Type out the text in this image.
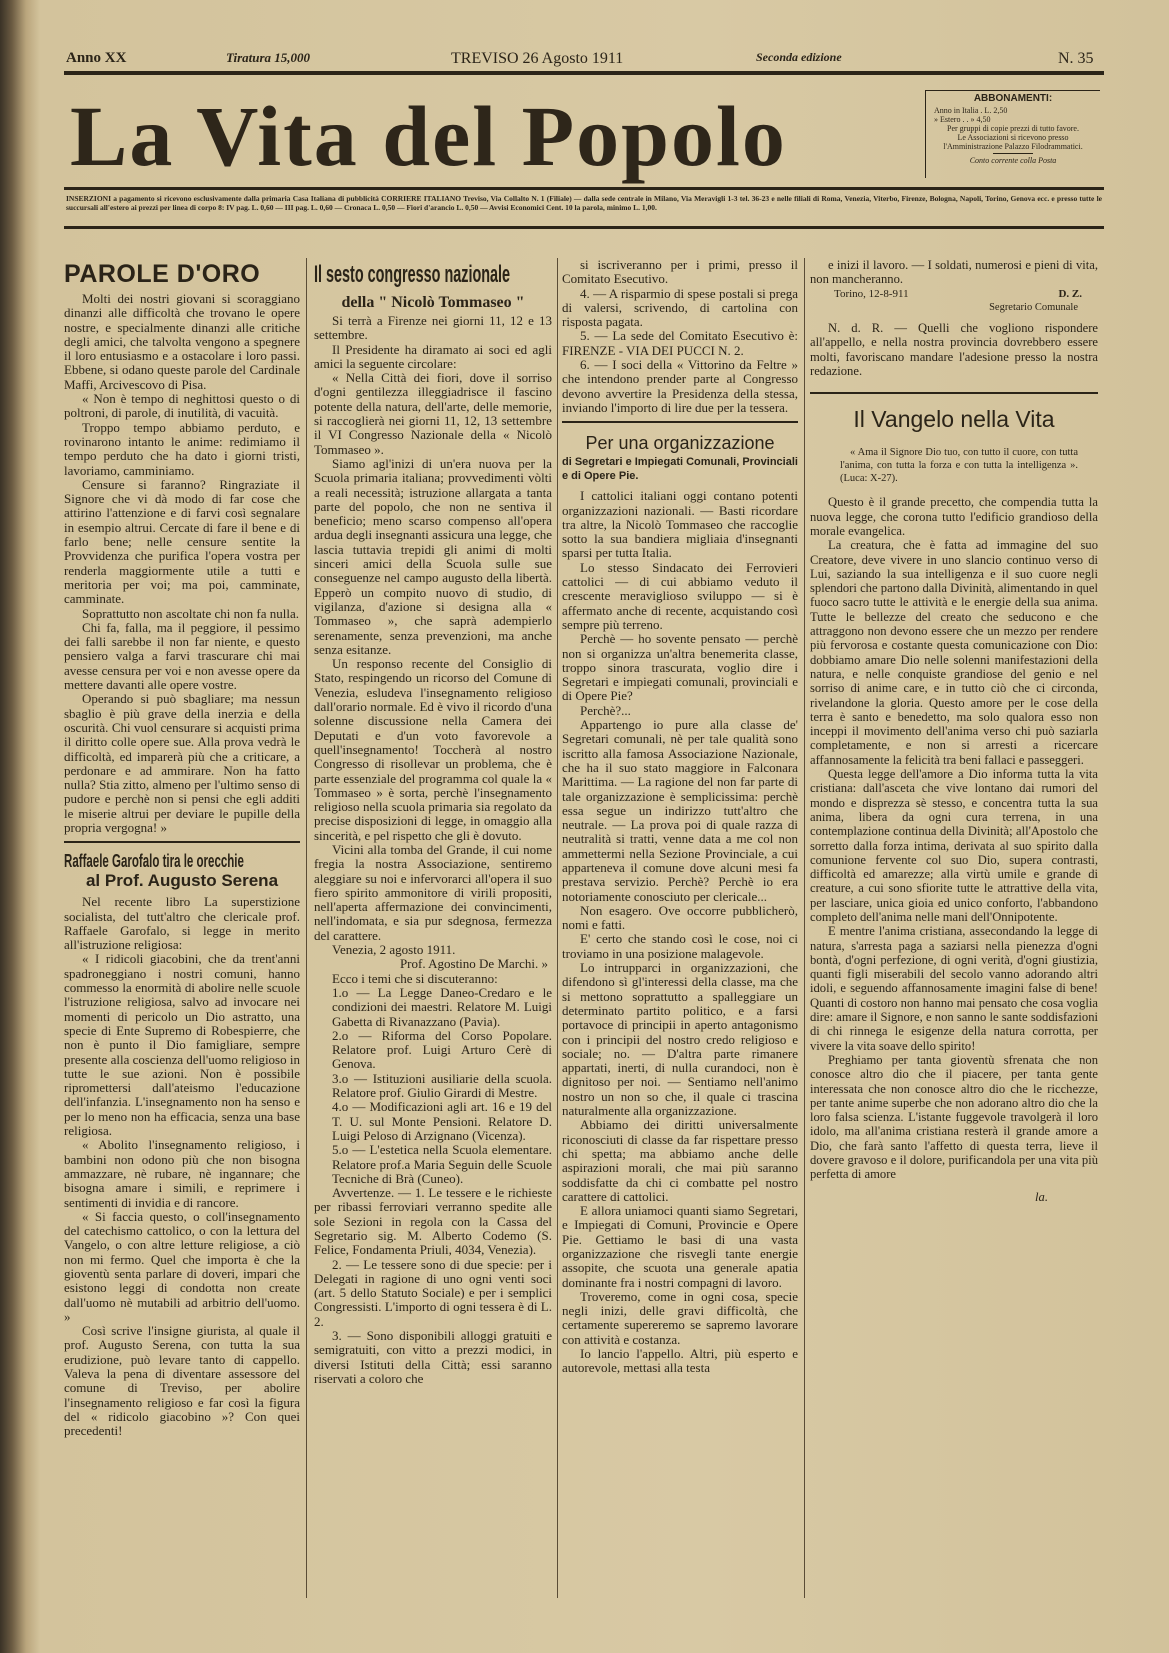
Anno XX	Tiratura 15,000	TREVISO 26 Agosto 1911	Seconda edizione	N. 35
La Vita del Popolo	ABBONAMENTI:
Anno in Italia . L. 2,50
» Estero . . » 4,50
Per gruppi di copie prezzi di tutto favore.
Le Associazioni si ricevono presso l'Amministrazione Palazzo Filodrammatici.
Conto corrente colla Posta
INSERZIONI a pagamento si ricevono esclusivamente dalla primaria Casa Italiana di pubblicità CORRIERE ITALIANO Treviso, Via Collalto N. 1 (Filiale) — dalla sede centrale in Milano, Via Meravigli 1-3 tel. 36-23 e nelle filiali di Roma, Venezia, Viterbo, Firenze, Bologna, Napoli, Torino, Genova ecc. e presso tutte le succursali all'estero ai prezzi per linea di corpo 8: IV pag. L. 0,60 — III pag. L. 0,60 — Cronaca L. 0,50 — Fiori d'arancio L. 0,50 — Avvisi Economici Cent. 10 la parola, minimo L. 1,00.
PAROLE D'ORO

Molti dei nostri giovani si scoraggiano dinanzi alle difficoltà che trovano le opere nostre, e specialmente dinanzi alle critiche degli amici, che talvolta vengono a spegnere il loro entusiasmo e a ostacolare i loro passi. Ebbene, si odano queste parole del Cardinale Maffi, Arcivescovo di Pisa.

« Non è tempo di neghittosi questo o di poltroni, di parole, di inutilità, di vacuità.

Troppo tempo abbiamo perduto, e rovinarono intanto le anime: redimiamo il tempo perduto che ha dato i giorni tristi, lavoriamo, camminiamo.

Censure si faranno? Ringraziate il Signore che vi dà modo di far cose che attirino l'attenzione e di farvi così segnalare in esempio altrui. Cercate di fare il bene e di farlo bene; nelle censure sentite la Provvidenza che purifica l'opera vostra per renderla maggiormente utile a tutti e meritoria per voi; ma poi, camminate, camminate.

Soprattutto non ascoltate chi non fa nulla.

Chi fa, falla, ma il peggiore, il pessimo dei falli sarebbe il non far niente, e questo pensiero valga a farvi trascurare chi mai avesse censura per voi e non avesse opere da mettere davanti alle opere vostre.

Operando si può sbagliare; ma nessun sbaglio è più grave della inerzia e della oscurità. Chi vuol censurare si acquisti prima il diritto colle opere sue. Alla prova vedrà le difficoltà, ed imparerà più che a criticare, a perdonare e ad ammirare. Non ha fatto nulla? Stia zitto, almeno per l'ultimo senso di pudore e perchè non si pensi che egli additi le miserie altrui per deviare le pupille della propria vergogna! »

Raffaele Garofalo tira le orecchie
al Prof. Augusto Serena

Nel recente libro La superstizione socialista, del tutt'altro che clericale prof. Raffaele Garofalo, si legge in merito all'istruzione religiosa:

« I ridicoli giacobini, che da trent'anni spadroneggiano i nostri comuni, hanno commesso la enormità di abolire nelle scuole l'istruzione religiosa, salvo ad invocare nei momenti di pericolo un Dio astratto, una specie di Ente Supremo di Robespierre, che non è punto il Dio famigliare, sempre presente alla coscienza dell'uomo religioso in tutte le sue azioni. Non è possibile ripromettersi dall'ateismo l'educazione dell'infanzia. L'insegnamento non ha senso e per lo meno non ha efficacia, senza una base religiosa.

« Abolito l'insegnamento religioso, i bambini non odono più che non bisogna ammazzare, nè rubare, nè ingannare; che bisogna amare i simili, e reprimere i sentimenti di invidia e di rancore.

« Si faccia questo, o coll'insegnamento del catechismo cattolico, o con la lettura del Vangelo, o con altre letture religiose, a ciò non mi fermo. Quel che importa è che la gioventù senta parlare di doveri, impari che esistono leggi di condotta non create dall'uomo nè mutabili ad arbitrio dell'uomo. »

Così scrive l'insigne giurista, al quale il prof. Augusto Serena, con tutta la sua erudizione, può levare tanto di cappello. Valeva la pena di diventare assessore del comune di Treviso, per abolire l'insegnamento religioso e far così la figura del « ridicolo giacobino »? Con quei precedenti!

Il sesto congresso nazionale
della " Nicolò Tommaseo "

Si terrà a Firenze nei giorni 11, 12 e 13 settembre.

Il Presidente ha diramato ai soci ed agli amici la seguente circolare:

« Nella Città dei fiori, dove il sorriso d'ogni gentilezza illeggiadrisce il fascino potente della natura, dell'arte, delle memorie, si raccoglierà nei giorni 11, 12, 13 settembre il VI Congresso Nazionale della « Nicolò Tommaseo ».

Siamo agl'inizi di un'era nuova per la Scuola primaria italiana; provvedimenti vòlti a reali necessità; istruzione allargata a tanta parte del popolo, che non ne sentiva il beneficio; meno scarso compenso all'opera ardua degli insegnanti assicura una legge, che lascia tuttavia trepidi gli animi di molti sinceri amici della Scuola sulle sue conseguenze nel campo augusto della libertà. Epperò un compito nuovo di studio, di vigilanza, d'azione si designa alla « Tommaseo », che saprà adempierlo serenamente, senza prevenzioni, ma anche senza esitanze.

Un responso recente del Consiglio di Stato, respingendo un ricorso del Comune di Venezia, esludeva l'insegnamento religioso dall'orario normale. Ed è vivo il ricordo d'una solenne discussione nella Camera dei Deputati e d'un voto favorevole a quell'insegnamento! Toccherà al nostro Congresso di risollevar un problema, che è parte essenziale del programma col quale la « Tommaseo » è sorta, perchè l'insegnamento religioso nella scuola primaria sia regolato da precise disposizioni di legge, in omaggio alla sincerità, e pel rispetto che gli è dovuto.

Vicini alla tomba del Grande, il cui nome fregia la nostra Associazione, sentiremo aleggiare su noi e infervorarci all'opera il suo fiero spirito ammonitore di virili propositi, nell'aperta affermazione dei convincimenti, nell'indomata, e sia pur sdegnosa, fermezza del carattere.

Venezia, 2 agosto 1911.

Prof. Agostino De Marchi. »

Ecco i temi che si discuteranno:

1.o — La Legge Daneo-Credaro e le condizioni dei maestri. Relatore M. Luigi Gabetta di Rivanazzano (Pavia).

2.o — Riforma del Corso Popolare. Relatore prof. Luigi Arturo Cerè di Genova.

3.o — Istituzioni ausiliarie della scuola. Relatore prof. Giulio Girardi di Mestre.

4.o — Modificazioni agli art. 16 e 19 del T. U. sul Monte Pensioni. Relatore D. Luigi Peloso di Arzignano (Vicenza).

5.o — L'estetica nella Scuola elementare. Relatore prof.a Maria Seguin delle Scuole Tecniche di Brà (Cuneo).

Avvertenze. — 1. Le tessere e le richieste per ribassi ferroviari verranno spedite alle sole Sezioni in regola con la Cassa del Segretario sig. M. Alberto Codemo (S. Felice, Fondamenta Priuli, 4034, Venezia).

2. — Le tessere sono di due specie: per i Delegati in ragione di uno ogni venti soci (art. 5 dello Statuto Sociale) e per i semplici Congressisti. L'importo di ogni tessera è di L. 2.

3. — Sono disponibili alloggi gratuiti e semigratuiti, con vitto a prezzi modici, in diversi Istituti della Città; essi saranno riservati a coloro che

si iscriveranno per i primi, presso il Comitato Esecutivo.

4. — A risparmio di spese postali si prega di valersi, scrivendo, di cartolina con risposta pagata.

5. — La sede del Comitato Esecutivo è: FIRENZE - VIA DEI PUCCI N. 2.

6. — I soci della « Vittorino da Feltre » che intendono prender parte al Congresso devono avvertire la Presidenza della stessa, inviando l'importo di lire due per la tessera.

Per una organizzazione
di Segretari e Impiegati Comunali, Provinciali e di Opere Pie.

I cattolici italiani oggi contano potenti organizzazioni nazionali. — Basti ricordare tra altre, la Nicolò Tommaseo che raccoglie sotto la sua bandiera migliaia d'insegnanti sparsi per tutta Italia.

Lo stesso Sindacato dei Ferrovieri cattolici — di cui abbiamo veduto il crescente meraviglioso sviluppo — si è affermato anche di recente, acquistando così sempre più terreno.

Perchè — ho sovente pensato — perchè non si organizza un'altra benemerita classe, troppo sinora trascurata, voglio dire i Segretari e impiegati comunali, provinciali e di Opere Pie?

Perchè?...

Appartengo io pure alla classe de' Segretari comunali, nè per tale qualità sono iscritto alla famosa Associazione Nazionale, che ha il suo stato maggiore in Falconara Marittima. — La ragione del non far parte di tale organizzazione è semplicissima: perchè essa segue un indirizzo tutt'altro che neutrale. — La prova poi di quale razza di neutralità si tratti, venne data a me col non ammettermi nella Sezione Provinciale, a cui apparteneva il comune dove alcuni mesi fa prestava servizio. Perchè? Perchè io era notoriamente conosciuto per clericale...

Non esagero. Ove occorre pubblicherò, nomi e fatti.

E' certo che stando così le cose, noi ci troviamo in una posizione malagevole.

Lo intrupparci in organizzazioni, che difendono sì gl'interessi della classe, ma che si mettono soprattutto a spalleggiare un determinato partito politico, e a farsi portavoce di principii in aperto antagonismo con i principii del nostro credo religioso e sociale; no. — D'altra parte rimanere appartati, inerti, di nulla curandoci, non è dignitoso per noi. — Sentiamo nell'animo nostro un non so che, il quale ci trascina naturalmente alla organizzazione.

Abbiamo dei diritti universalmente riconosciuti di classe da far rispettare presso chi spetta; ma abbiamo anche delle aspirazioni morali, che mai più saranno soddisfatte da chi ci combatte pel nostro carattere di cattolici.

E allora uniamoci quanti siamo Segretari, e Impiegati di Comuni, Provincie e Opere Pie. Gettiamo le basi di una vasta organizzazione che risvegli tante energie assopite, che scuota una generale apatia dominante fra i nostri compagni di lavoro.

Troveremo, come in ogni cosa, specie negli inizi, delle gravi difficoltà, che certamente supereremo se sapremo lavorare con attività e costanza.

Io lancio l'appello. Altri, più esperto e autorevole, mettasi alla testa

e inizi il lavoro. — I soldati, numerosi e pieni di vita, non mancheranno.

Torino, 12-8-911	D. Z.
Segretario Comunale

N. d. R. — Quelli che vogliono rispondere all'appello, e nella nostra provincia dovrebbero essere molti, favoriscano mandare l'adesione presso la nostra redazione.

Il Vangelo nella Vita
« Ama il Signore Dio tuo, con tutto il cuore, con tutta l'anima, con tutta la forza e con tutta la intelligenza ». (Luca: X-27).

Questo è il grande precetto, che compendia tutta la nuova legge, che corona tutto l'edificio grandioso della morale evangelica.

La creatura, che è fatta ad immagine del suo Creatore, deve vivere in uno slancio continuo verso di Lui, saziando la sua intelligenza e il suo cuore negli splendori che partono dalla Divinità, alimentando in quel fuoco sacro tutte le attività e le energie della sua anima. Tutte le bellezze del creato che seducono e che attraggono non devono essere che un mezzo per rendere più fervorosa e costante questa comunicazione con Dio: dobbiamo amare Dio nelle solenni manifestazioni della natura, e nelle conquiste grandiose del genio e nel sorriso di anime care, e in tutto ciò che ci circonda, rivelandone la gloria. Questo amore per le cose della terra è santo e benedetto, ma solo qualora esso non inceppi il movimento dell'anima verso chi può saziarla completamente, e non si arresti a ricercare affannosamente la felicità tra beni fallaci e passeggeri.

Questa legge dell'amore a Dio informa tutta la vita cristiana: dall'asceta che vive lontano dai rumori del mondo e disprezza sè stesso, e concentra tutta la sua anima, libera da ogni cura terrena, in una contemplazione continua della Divinità; all'Apostolo che sorretto dalla forza intima, derivata al suo spirito dalla comunione fervente col suo Dio, supera contrasti, difficoltà ed amarezze; alla virtù umile e grande di creature, a cui sono sfiorite tutte le attrattive della vita, per lasciare, unica gioia ed unico conforto, l'abbandono completo dell'anima nelle mani dell'Onnipotente.

E mentre l'anima cristiana, assecondando la legge di natura, s'arresta paga a saziarsi nella pienezza d'ogni bontà, d'ogni perfezione, di ogni verità, d'ogni giustizia, quanti figli miserabili del secolo vanno adorando altri idoli, e seguendo affannosamente imagini false di bene! Quanti di costoro non hanno mai pensato che cosa voglia dire: amare il Signore, e non sanno le sante soddisfazioni di chi rinnega le esigenze della natura corrotta, per vivere la vita soave dello spirito!

Preghiamo per tanta gioventù sfrenata che non conosce altro dio che il piacere, per tanta gente interessata che non conosce altro dio che le ricchezze, per tante anime superbe che non adorano altro dio che la loro falsa scienza. L'istante fuggevole travolgerà il loro idolo, ma all'anima cristiana resterà il grande amore a Dio, che farà santo l'affetto di questa terra, lieve il dovere gravoso e il dolore, purificandola per una vita più perfetta di amore

la.
